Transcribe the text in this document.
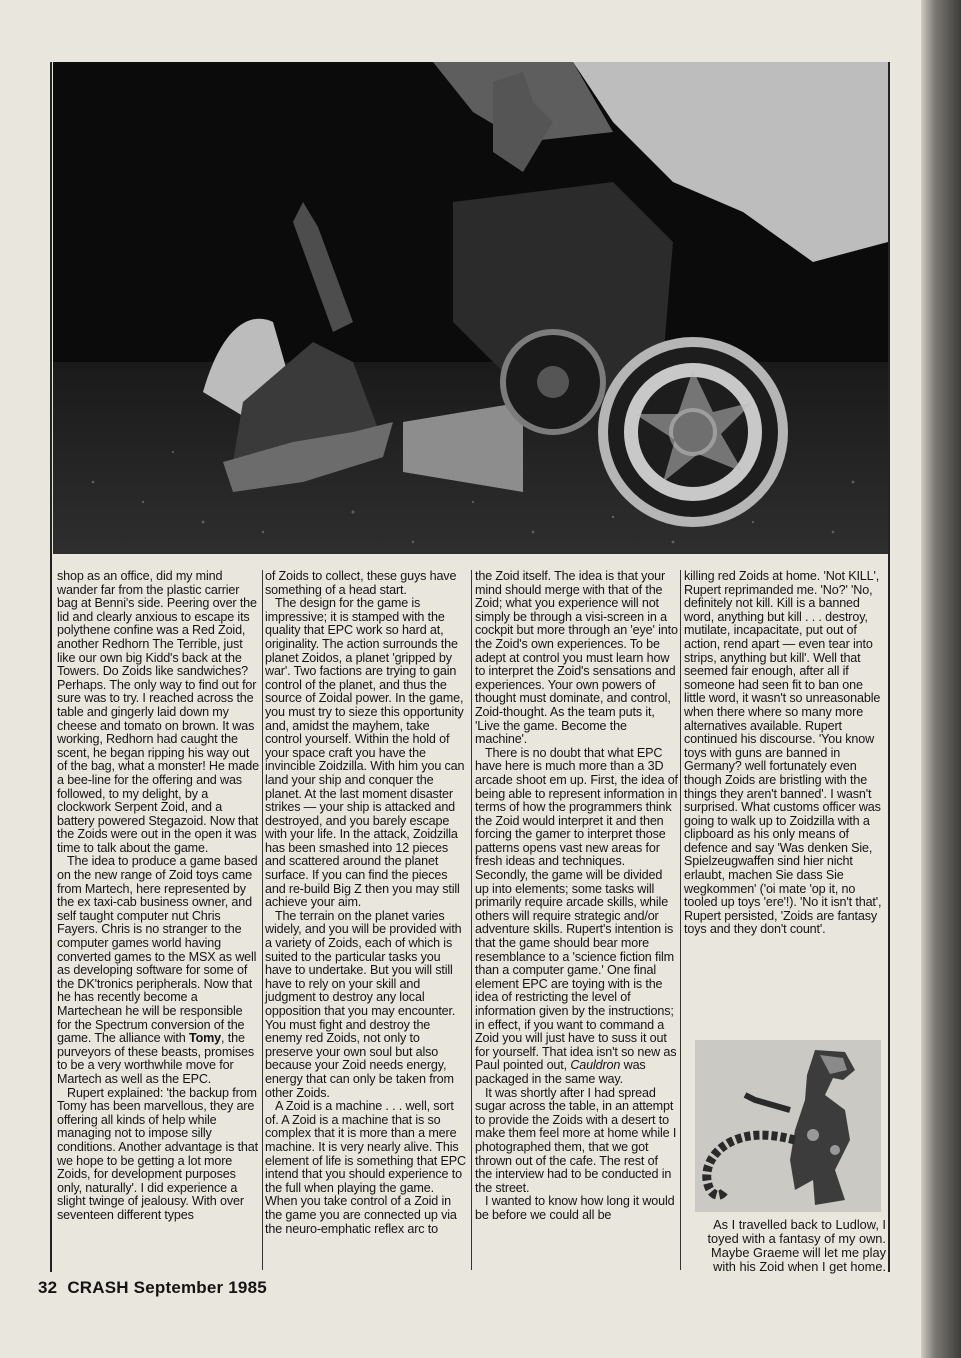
shop as an office, did my mind wander far from the plastic carrier bag at Benni's side. Peering over the lid and clearly anxious to escape its polythene confine was a Red Zoid, another Redhorn The Terrible, just like our own big Kidd's back at the Towers. Do Zoids like sandwiches? Perhaps. The only way to find out for sure was to try. I reached across the table and gingerly laid down my cheese and tomato on brown. It was working, Redhorn had caught the scent, he began ripping his way out of the bag, what a monster! He made a bee-line for the offering and was followed, to my delight, by a clockwork Serpent Zoid, and a battery powered Stegazoid. Now that the Zoids were out in the open it was time to talk about the game.

The idea to produce a game based on the new range of Zoid toys came from Martech, here represented by the ex taxi-cab business owner, and self taught computer nut Chris Fayers. Chris is no stranger to the computer games world having converted games to the MSX as well as developing software for some of the DK'tronics peripherals. Now that he has recently become a Martechean he will be responsible for the Spectrum conversion of the game. The alliance with Tomy, the purveyors of these beasts, promises to be a very worthwhile move for Martech as well as the EPC.

Rupert explained: 'the backup from Tomy has been marvellous, they are offering all kinds of help while managing not to impose silly conditions. Another advantage is that we hope to be getting a lot more Zoids, for development purposes only, naturally'. I did experience a slight twinge of jealousy. With over seventeen different types

of Zoids to collect, these guys have something of a head start.

The design for the game is impressive; it is stamped with the quality that EPC work so hard at, originality. The action surrounds the planet Zoidos, a planet 'gripped by war'. Two factions are trying to gain control of the planet, and thus the source of Zoidal power. In the game, you must try to sieze this opportunity and, amidst the mayhem, take control yourself. Within the hold of your space craft you have the invincible Zoidzilla. With him you can land your ship and conquer the planet. At the last moment disaster strikes — your ship is attacked and destroyed, and you barely escape with your life. In the attack, Zoidzilla has been smashed into 12 pieces and scattered around the planet surface. If you can find the pieces and re-build Big Z then you may still achieve your aim.

The terrain on the planet varies widely, and you will be provided with a variety of Zoids, each of which is suited to the particular tasks you have to undertake. But you will still have to rely on your skill and judgment to destroy any local opposition that you may encounter. You must fight and destroy the enemy red Zoids, not only to preserve your own soul but also because your Zoid needs energy, energy that can only be taken from other Zoids.

A Zoid is a machine . . . well, sort of. A Zoid is a machine that is so complex that it is more than a mere machine. It is very nearly alive. This element of life is something that EPC intend that you should experience to the full when playing the game. When you take control of a Zoid in the game you are connected up via the neuro-emphatic reflex arc to

the Zoid itself. The idea is that your mind should merge with that of the Zoid; what you experience will not simply be through a visi-screen in a cockpit but more through an 'eye' into the Zoid's own experiences. To be adept at control you must learn how to interpret the Zoid's sensations and experiences. Your own powers of thought must dominate, and control, Zoid-thought. As the team puts it, 'Live the game. Become the machine'.

There is no doubt that what EPC have here is much more than a 3D arcade shoot em up. First, the idea of being able to represent information in terms of how the programmers think the Zoid would interpret it and then forcing the gamer to interpret those patterns opens vast new areas for fresh ideas and techniques. Secondly, the game will be divided up into elements; some tasks will primarily require arcade skills, while others will require strategic and/or adventure skills. Rupert's intention is that the game should bear more resemblance to a 'science fiction film than a computer game.' One final element EPC are toying with is the idea of restricting the level of information given by the instructions; in effect, if you want to command a Zoid you will just have to suss it out for yourself. That idea isn't so new as Paul pointed out, Cauldron was packaged in the same way.

It was shortly after I had spread sugar across the table, in an attempt to provide the Zoids with a desert to make them feel more at home while I photographed them, that we got thrown out of the cafe. The rest of the interview had to be conducted in the street.

I wanted to know how long it would be before we could all be

killing red Zoids at home. 'Not KILL', Rupert reprimanded me. 'No?' 'No, definitely not kill. Kill is a banned word, anything but kill . . . destroy, mutilate, incapacitate, put out of action, rend apart — even tear into strips, anything but kill'. Well that seemed fair enough, after all if someone had seen fit to ban one little word, it wasn't so unreasonable when there where so many more alternatives available. Rupert continued his discourse. 'You know toys with guns are banned in Germany? well fortunately even though Zoids are bristling with the things they aren't banned'. I wasn't surprised. What customs officer was going to walk up to Zoidzilla with a clipboard as his only means of defence and say 'Was denken Sie, Spielzeugwaffen sind hier nicht erlaubt, machen Sie dass Sie wegkommen' ('oi mate 'op it, no tooled up toys 'ere'!). 'No it isn't that', Rupert persisted, 'Zoids are fantasy toys and they don't count'.

As I travelled back to Ludlow, I toyed with a fantasy of my own. Maybe Graeme will let me play with his Zoid when I get home.
32 CRASH September 1985
